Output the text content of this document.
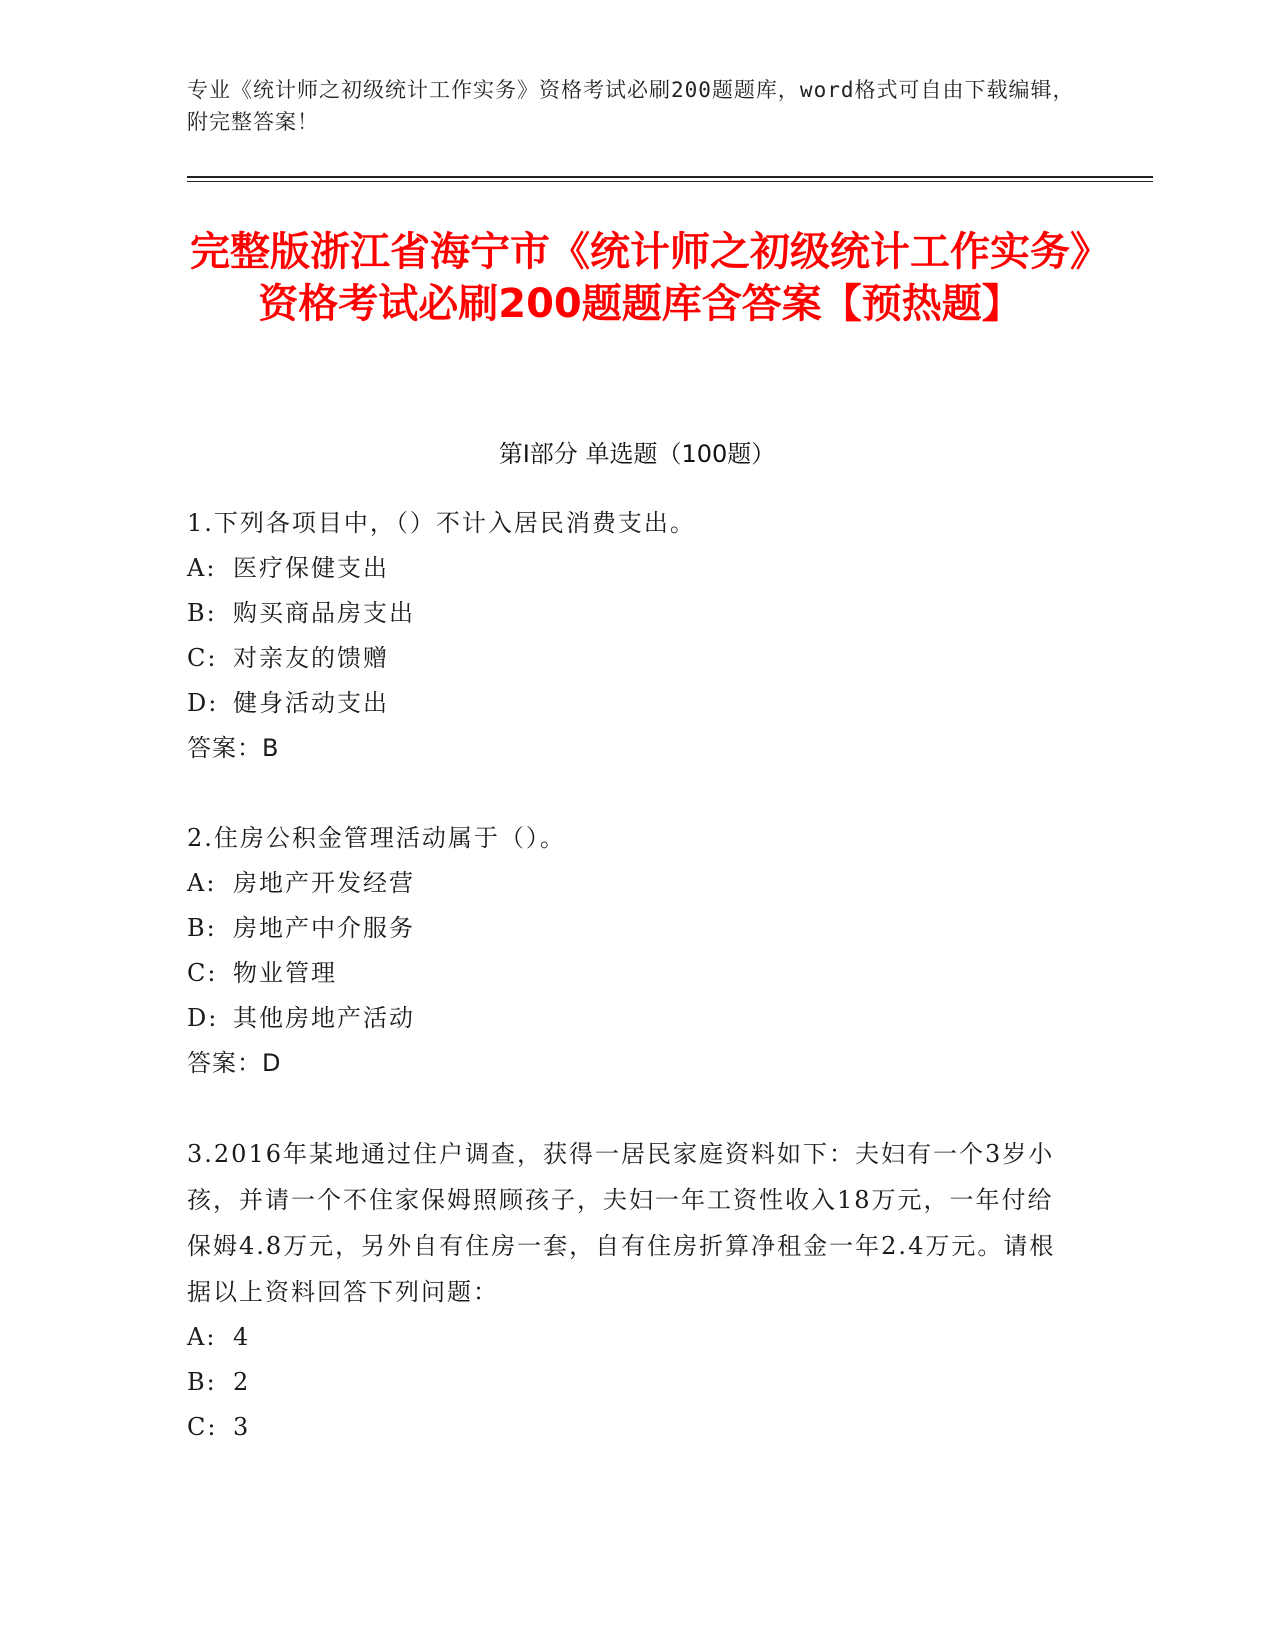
专业《统计师之初级统计工作实务》资格考试必刷200题题库，word格式可自由下载编辑，附完整答案！
完整版浙江省海宁市《统计师之初级统计工作实务》资格考试必刷200题题库含答案【预热题】
第Ⅰ部分 单选题（100题）

1.下列各项目中，（）不计入居民消费支出。

A: 医疗保健支出

B: 购买商品房支出

C: 对亲友的馈赠

D: 健身活动支出

答案：B

2.住房公积金管理活动属于（）。

A: 房地产开发经营

B: 房地产中介服务

C: 物业管理

D: 其他房地产活动

答案：D

3.2016年某地通过住户调查，获得一居民家庭资料如下：夫妇有一个3岁小孩，并请一个不住家保姆照顾孩子，夫妇一年工资性收入18万元，一年付给保姆4.8万元，另外自有住房一套，自有住房折算净租金一年2.4万元。请根据以上资料回答下列问题：

A: 4

B: 2

C: 3
